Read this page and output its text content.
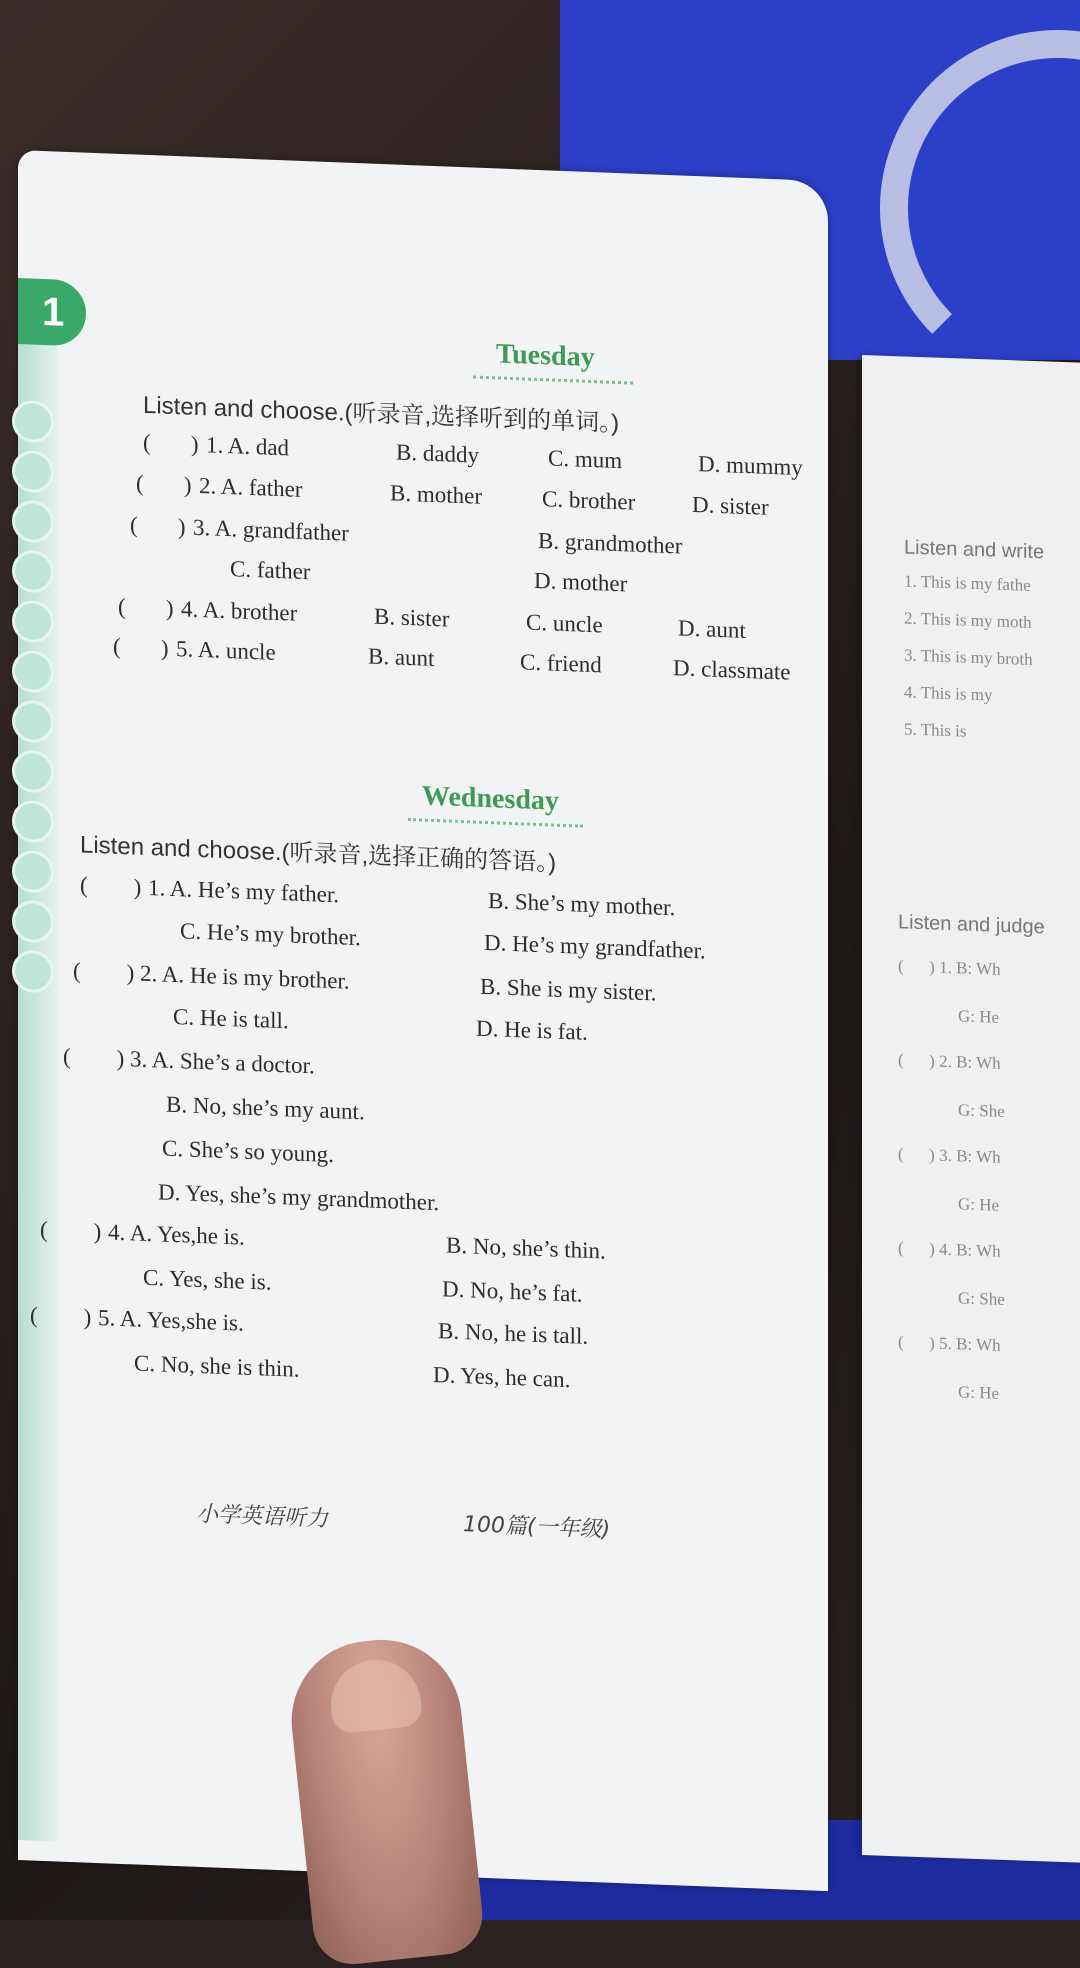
Listen and write
1. This is my fathe
2. This is my moth
3. This is my broth
4. This is my
5. This is
Listen and judge
(      ) 1. B: Wh
G: He
(      ) 2. B: Wh
G: She
(      ) 3. B: Wh
G: He
(      ) 4. B: Wh
G: She
(      ) 5. B: Wh
G: He
1
Tuesday
Listen and choose.(听录音,选择听到的单词。)
(       ) 1. A. dad	B. daddy	C. mum	D. mummy
(       ) 2. A. father	B. mother	C. brother D. sister
(       ) 3. A. grandfather	B. grandmother
C. father	D. mother
(       ) 4. A. brother	B. sister	C. uncle	D. aunt
(       ) 5. A. uncle	B. aunt	C. friend	D. classmate
Wednesday
Listen and choose.(听录音,选择正确的答语。)
(        ) 1. A. He’s my father.	B. She’s my mother.
C. He’s my brother.	D. He’s my grandfather.
(        ) 2. A. He is my brother.	B. She is my sister.
C. He is tall.	D. He is fat.
(        ) 3. A. She’s a doctor.
B. No, she’s my aunt.
C. She’s so young.
D. Yes, she’s my grandmother.
(        ) 4. A. Yes,he is.	B. No, she’s thin.
C. Yes, she is.	D. No, he’s fat.
(        ) 5. A. Yes,she is.	B. No, he is tall.
C. No, she is thin.	D. Yes, he can.
小学英语听力	100篇(一年级)
